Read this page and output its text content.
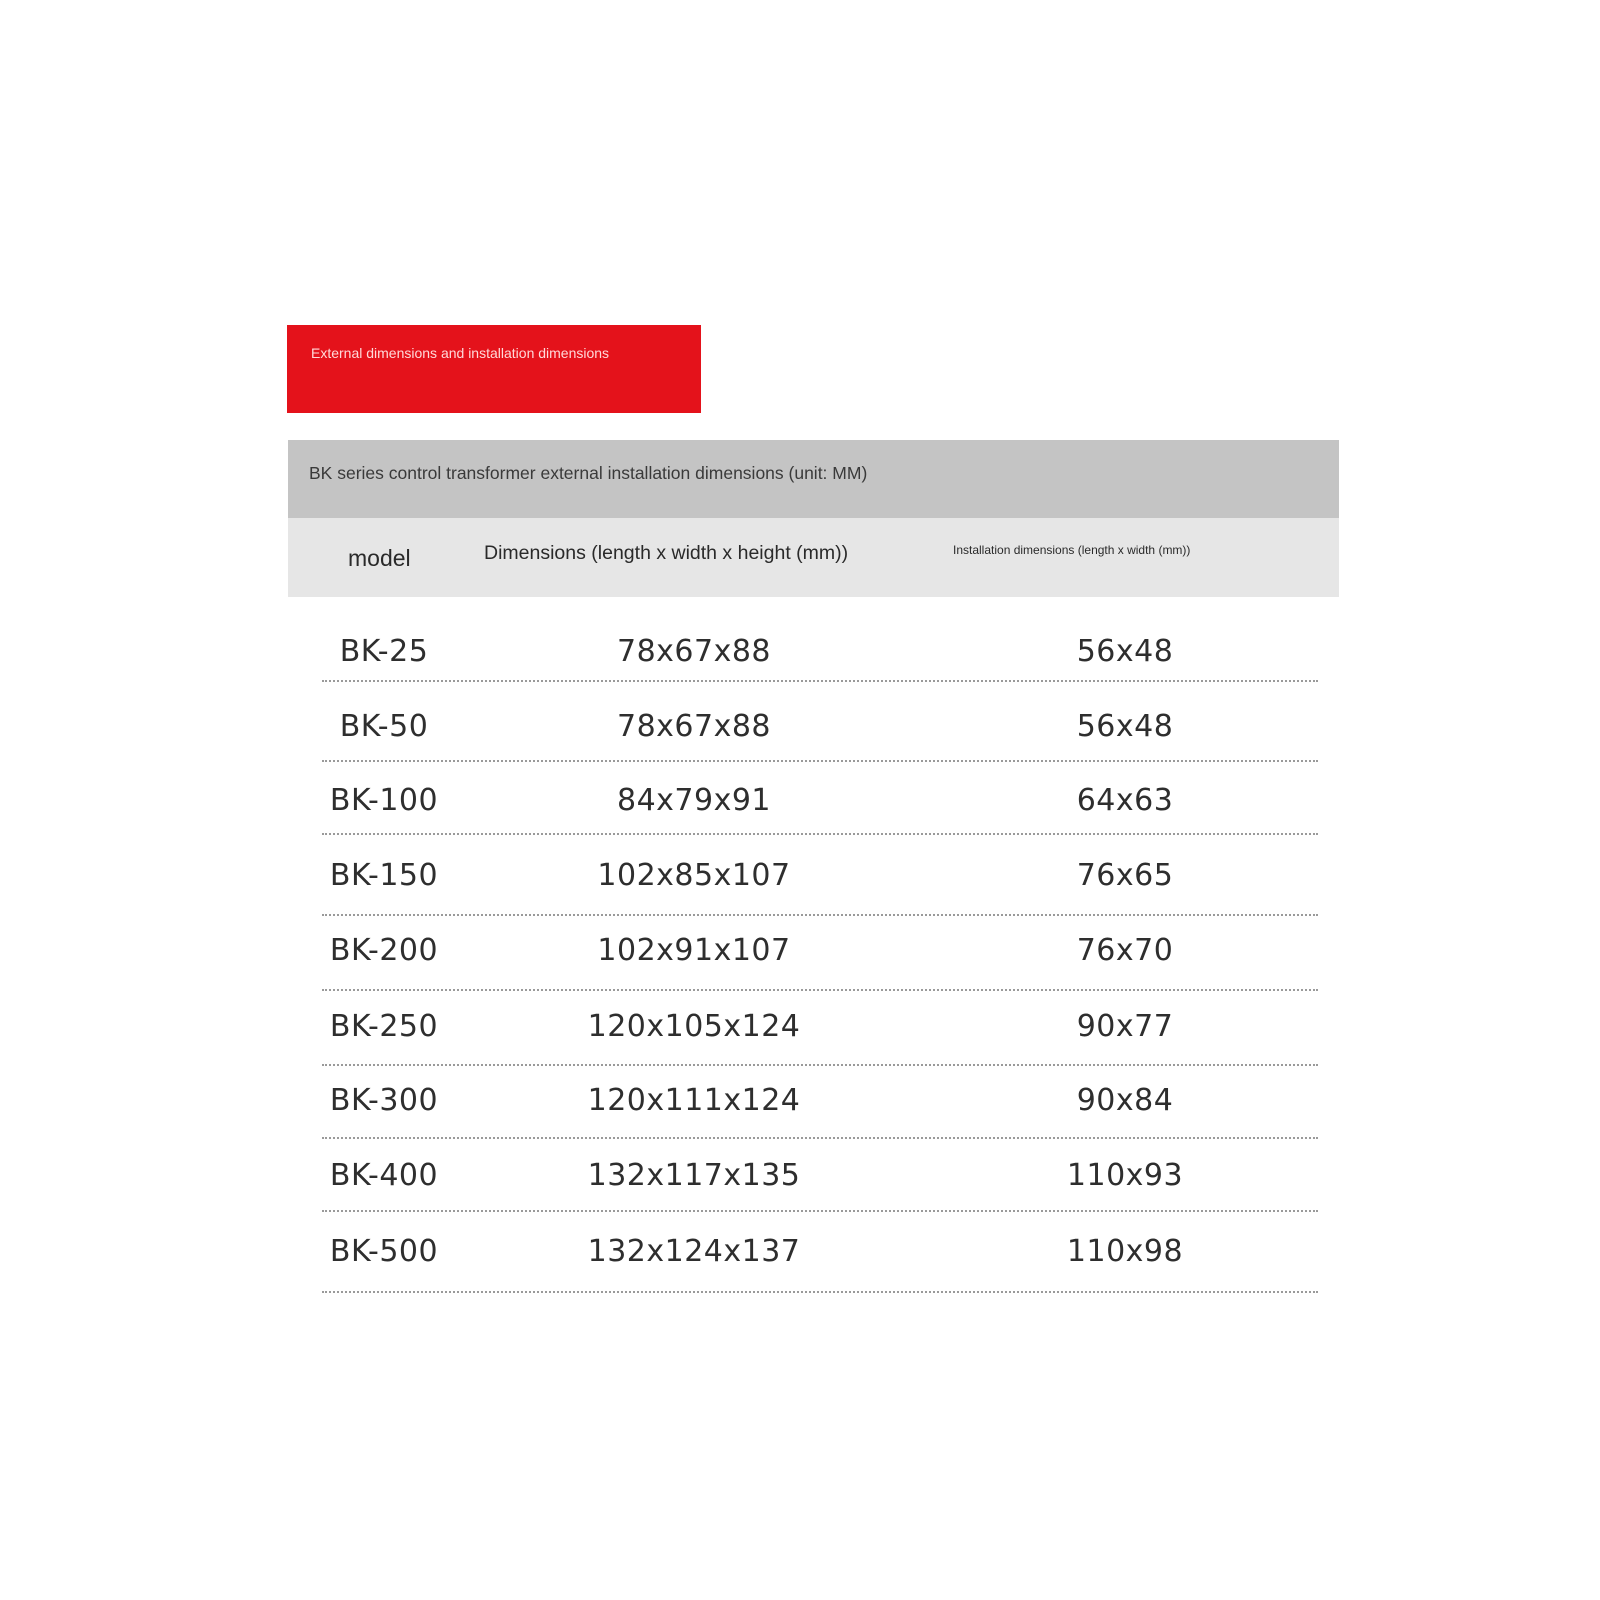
External dimensions and installation dimensions
BK series control transformer external installation dimensions (unit: MM)
model	Dimensions (length x width x height (mm))	Installation dimensions (length x width (mm))
BK-25	78x67x88	56x48
BK-50	78x67x88	56x48
BK-100	84x79x91	64x63
BK-150	102x85x107	76x65
BK-200	102x91x107	76x70
BK-250	120x105x124	90x77
BK-300	120x111x124	90x84
BK-400	132x117x135	110x93
BK-500	132x124x137	110x98
